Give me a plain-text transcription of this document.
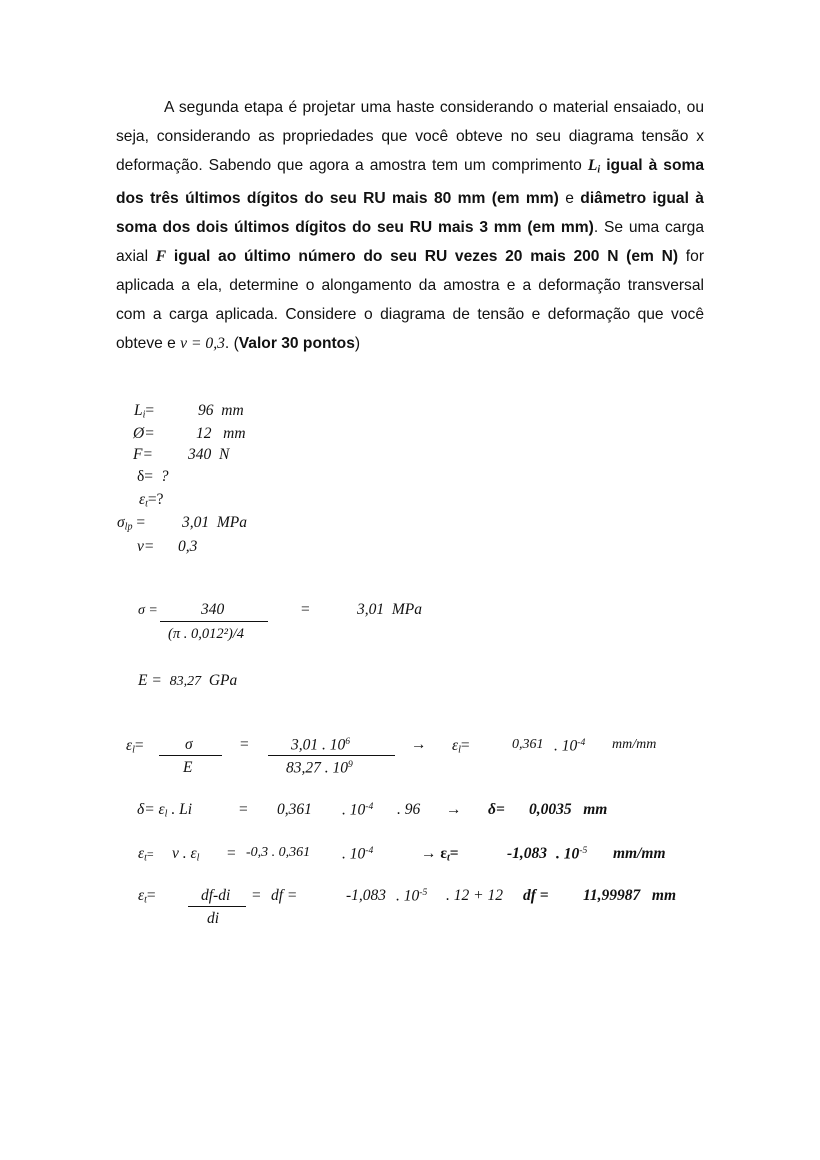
A segunda etapa é projetar uma haste considerando o material ensaiado, ou seja, considerando as propriedades que você obteve no seu diagrama tensão x deformação. Sabendo que agora a amostra tem um comprimento $L_i$ igual à soma dos três últimos dígitos do seu RU mais 80 mm (em mm) e diâmetro igual à soma dos dois últimos dígitos do seu RU mais 3 mm (em mm). Se uma carga axial F igual ao último número do seu RU vezes 20 mais 200 N (em N) for aplicada a ela, determine o alongamento da amostra e a deformação transversal com a carga aplicada. Considere o diagrama de tensão e deformação que você obteve e ν = 0,3. (Valor 30 pontos)

$L_i=$	96 mm
Ø=	12 mm
F= 340 N
δ= ?
$\varepsilon_t=$?
$\sigma_{lp} = 3,01$ MPa
v= 0,3
σ =	340
(π . 0,012²)/4
=	3,01 MPa
E = 83,27 GPa
$\varepsilon_l=$	σ
E
=	3,01 . $10^6$
83,27 . $10^9$
→ $\varepsilon_l=$	0,361 . $10^{-4}$ mm/mm
$\delta= \varepsilon_l$ . Li	= 0,361 . $10^{-4}$ . 96 → δ= 0,0035 mm
$\varepsilon_t= v$ . $\varepsilon_l = -0,3$ . 0,361 . $10^{-4}$	→ $\varepsilon_t=$	-1,083 . $10^{-5}$ mm/mm
$\varepsilon_t=$	df-di
di
= df =	-1,083 . $10^{-5}$ . 12 + 12 df = 11,99987 mm
